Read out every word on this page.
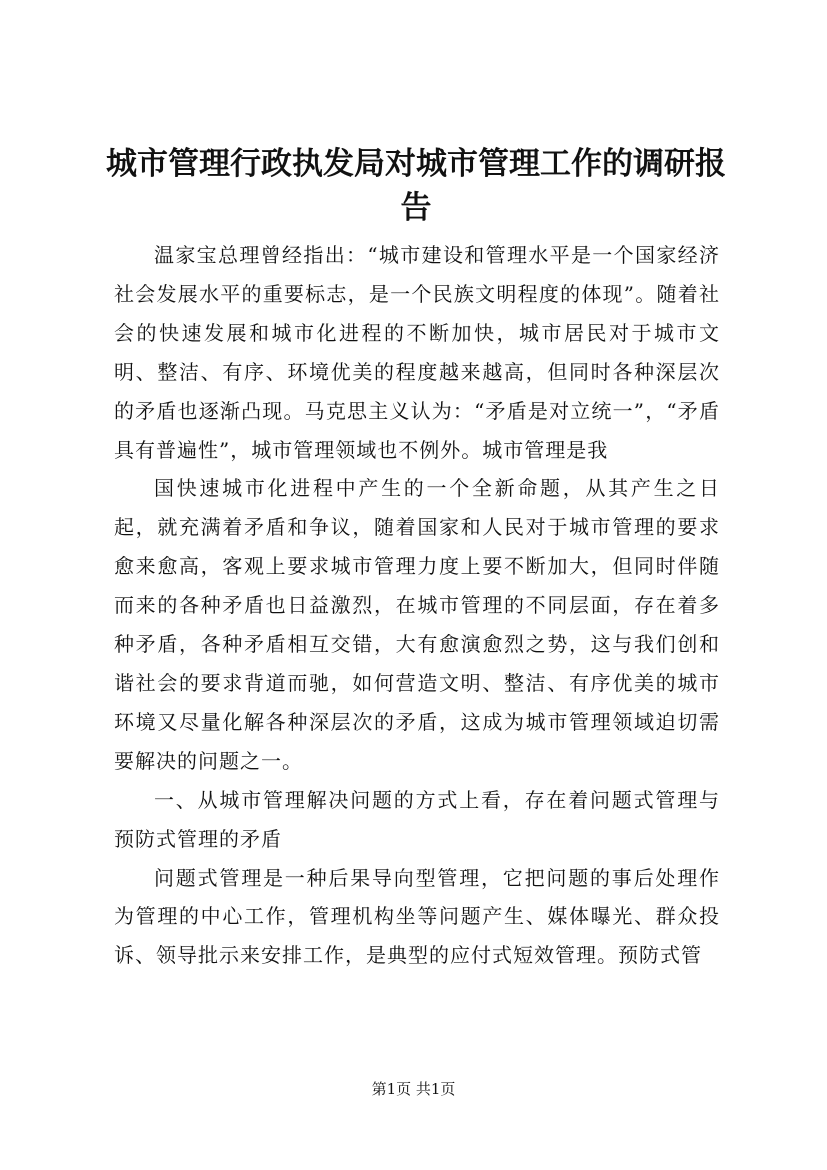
城市管理行政执发局对城市管理工作的调研报告

温家宝总理曾经指出：“城市建设和管理水平是一个国家经济社会发展水平的重要标志，是一个民族文明程度的体现”。随着社会的快速发展和城市化进程的不断加快，城市居民对于城市文明、整洁、有序、环境优美的程度越来越高，但同时各种深层次的矛盾也逐渐凸现。马克思主义认为：“矛盾是对立统一”，“矛盾具有普遍性”，城市管理领域也不例外。城市管理是我

国快速城市化进程中产生的一个全新命题，从其产生之日起，就充满着矛盾和争议，随着国家和人民对于城市管理的要求愈来愈高，客观上要求城市管理力度上要不断加大，但同时伴随而来的各种矛盾也日益激烈，在城市管理的不同层面，存在着多种矛盾，各种矛盾相互交错，大有愈演愈烈之势，这与我们创和谐社会的要求背道而驰，如何营造文明、整洁、有序优美的城市环境又尽量化解各种深层次的矛盾，这成为城市管理领域迫切需要解决的问题之一。

一、从城市管理解决问题的方式上看，存在着问题式管理与预防式管理的矛盾

问题式管理是一种后果导向型管理，它把问题的事后处理作为管理的中心工作，管理机构坐等问题产生、媒体曝光、群众投诉、领导批示来安排工作，是典型的应付式短效管理。预防式管

第1页 共1页
